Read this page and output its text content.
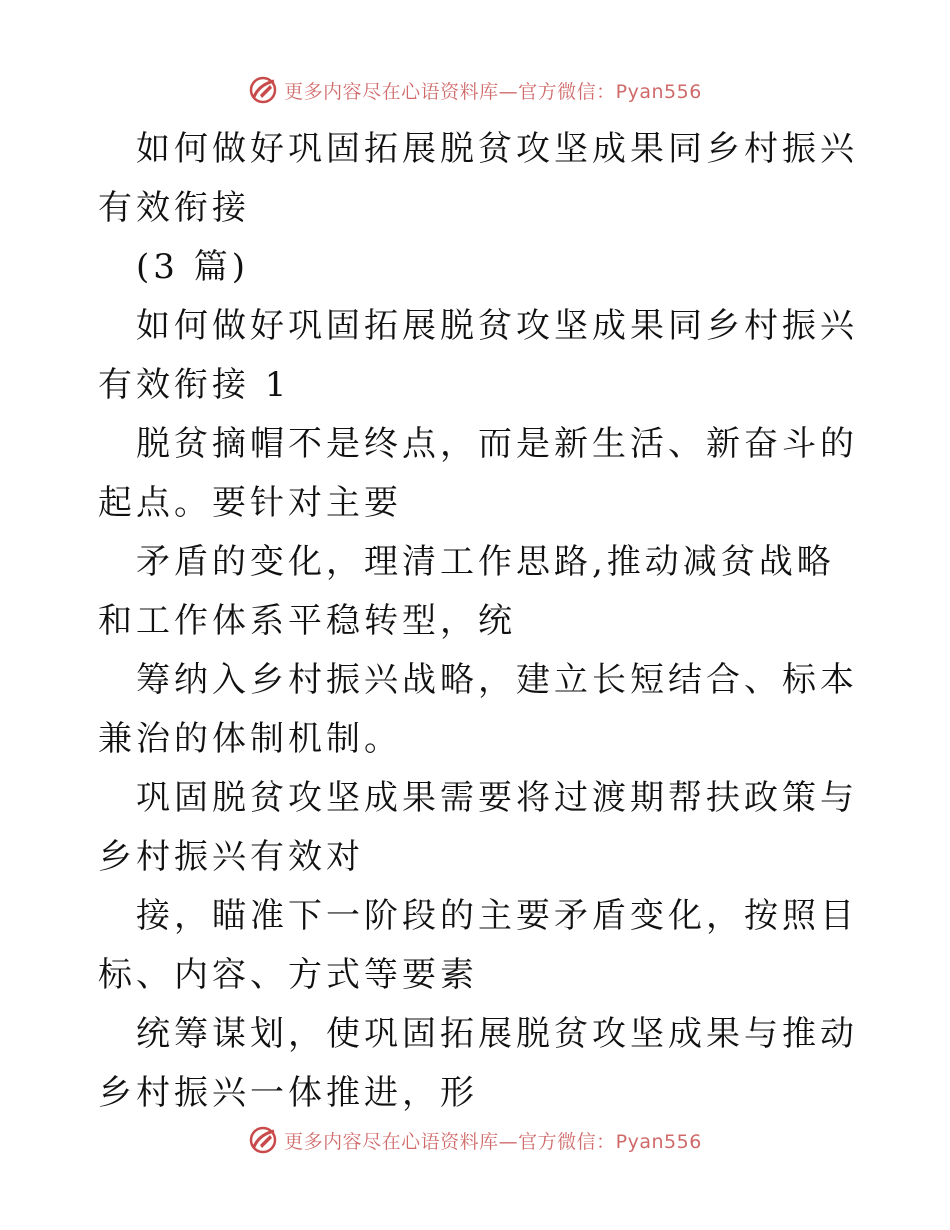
更多内容尽在心语资料库—官方微信：Pyan556

如何做好巩固拓展脱贫攻坚成果同乡村振兴有效衔接

(3 篇)

如何做好巩固拓展脱贫攻坚成果同乡村振兴有效衔接 1

脱贫摘帽不是终点，而是新生活、新奋斗的起点。要针对主要

矛盾的变化，理清工作思路,推动减贫战略和工作体系平稳转型，统

筹纳入乡村振兴战略，建立长短结合、标本兼治的体制机制。

巩固脱贫攻坚成果需要将过渡期帮扶政策与乡村振兴有效对

接，瞄准下一阶段的主要矛盾变化，按照目标、内容、方式等要素

统筹谋划，使巩固拓展脱贫攻坚成果与推动乡村振兴一体推进，形

更多内容尽在心语资料库—官方微信：Pyan556
